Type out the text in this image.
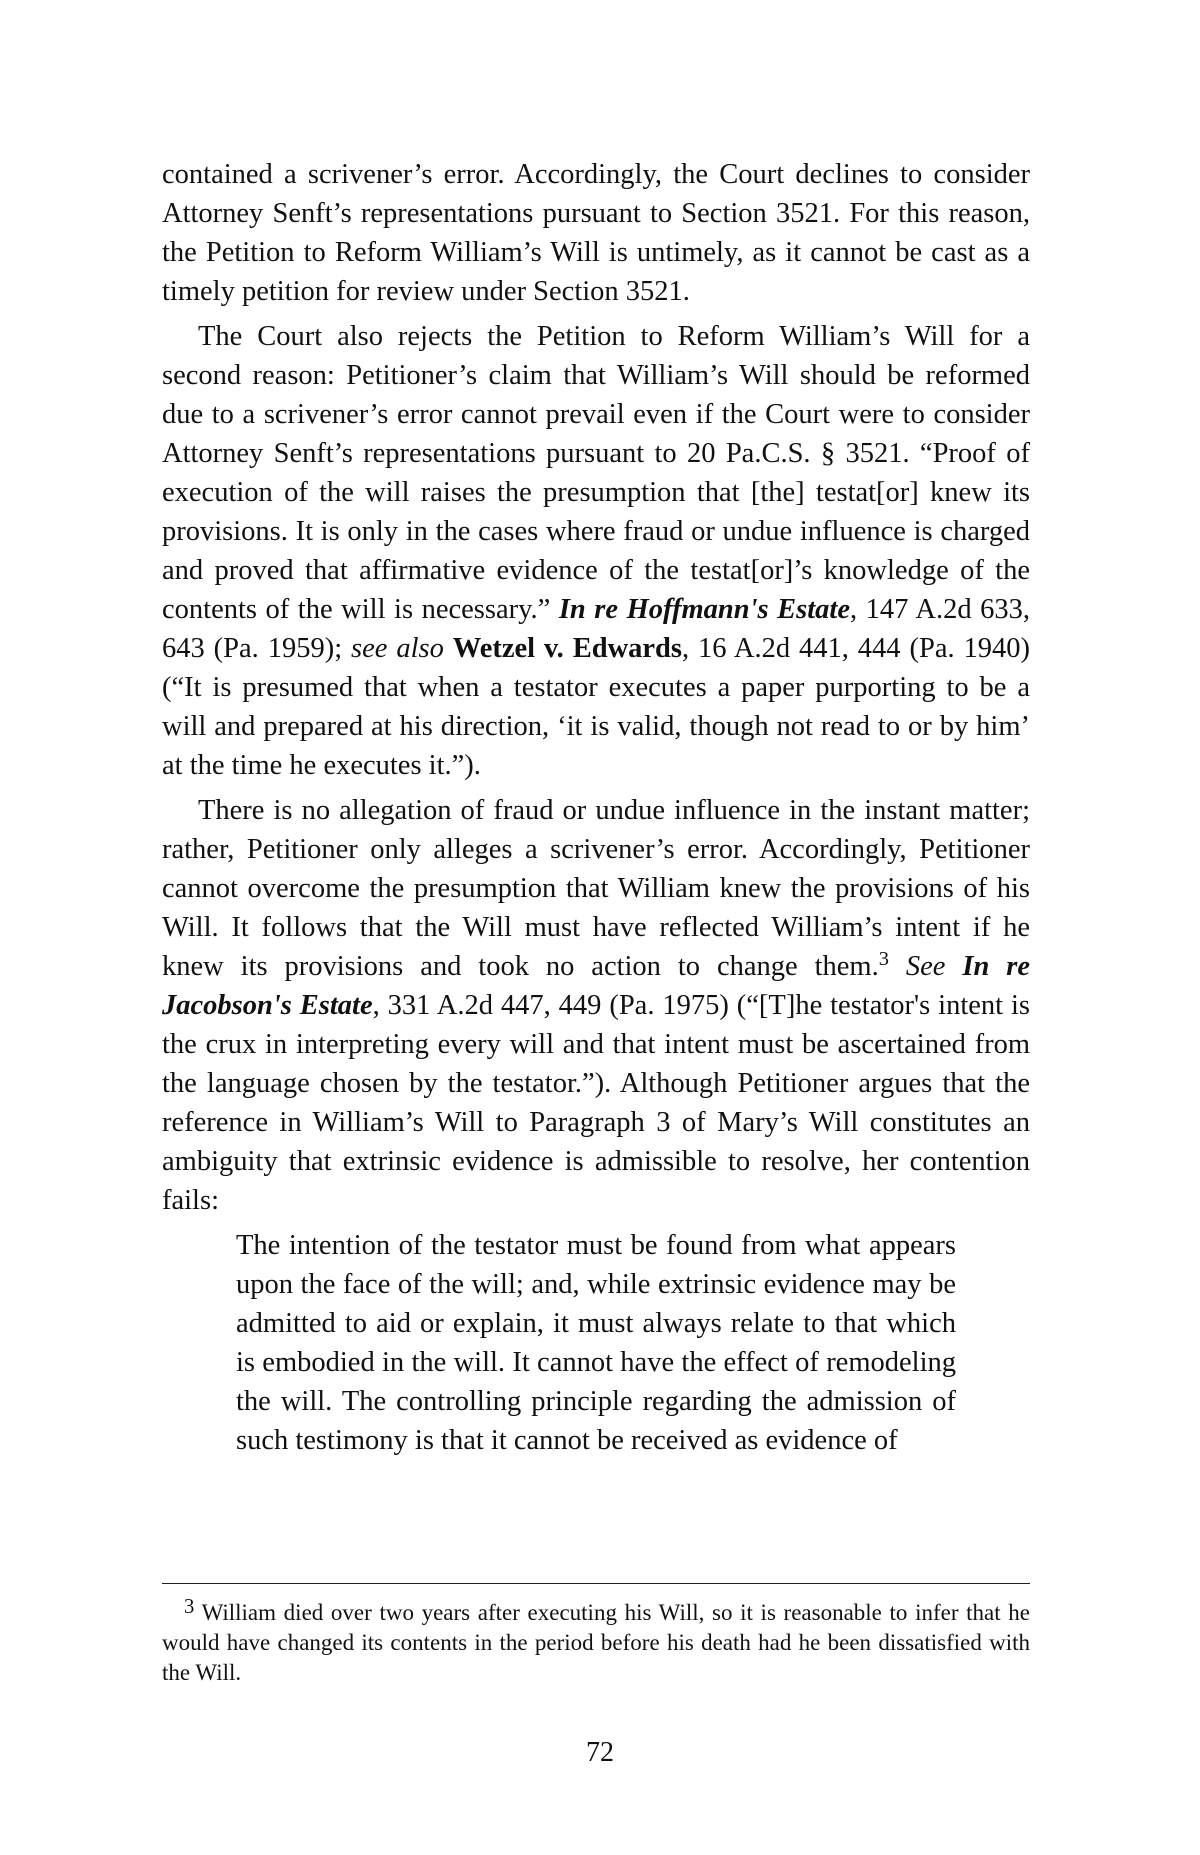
contained a scrivener’s error. Accordingly, the Court declines to consider Attorney Senft’s representations pursuant to Section 3521. For this reason, the Petition to Reform William’s Will is untimely, as it cannot be cast as a timely petition for review under Section 3521.

The Court also rejects the Petition to Reform William’s Will for a second reason: Petitioner’s claim that William’s Will should be reformed due to a scrivener’s error cannot prevail even if the Court were to consider Attorney Senft’s representations pursuant to 20 Pa.C.S. § 3521. “Proof of execution of the will raises the presumption that [the] testat[or] knew its provisions. It is only in the cases where fraud or undue influence is charged and proved that affirmative evidence of the testat[or]’s knowledge of the contents of the will is necessary.” In re Hoffmann's Estate, 147 A.2d 633, 643 (Pa. 1959); see also Wetzel v. Edwards, 16 A.2d 441, 444 (Pa. 1940) (“It is presumed that when a testator executes a paper purporting to be a will and prepared at his direction, ‘it is valid, though not read to or by him’ at the time he executes it.”).

There is no allegation of fraud or undue influence in the instant matter; rather, Petitioner only alleges a scrivener’s error. Accordingly, Petitioner cannot overcome the presumption that William knew the provisions of his Will. It follows that the Will must have reflected William’s intent if he knew its provisions and took no action to change them.$^3$ See In re Jacobson's Estate, 331 A.2d 447, 449 (Pa. 1975) (“[T]he testator's intent is the crux in interpreting every will and that intent must be ascertained from the language chosen by the testator.”). Although Petitioner argues that the reference in William’s Will to Paragraph 3 of Mary’s Will constitutes an ambiguity that extrinsic evidence is admissible to resolve, her contention fails:

The intention of the testator must be found from what appears upon the face of the will; and, while extrinsic evidence may be admitted to aid or explain, it must always relate to that which is embodied in the will. It cannot have the effect of remodeling the will. The controlling principle regarding the admission of such testimony is that it cannot be received as evidence of

$^3$ William died over two years after executing his Will, so it is reasonable to infer that he would have changed its contents in the period before his death had he been dissatisfied with the Will.

72
